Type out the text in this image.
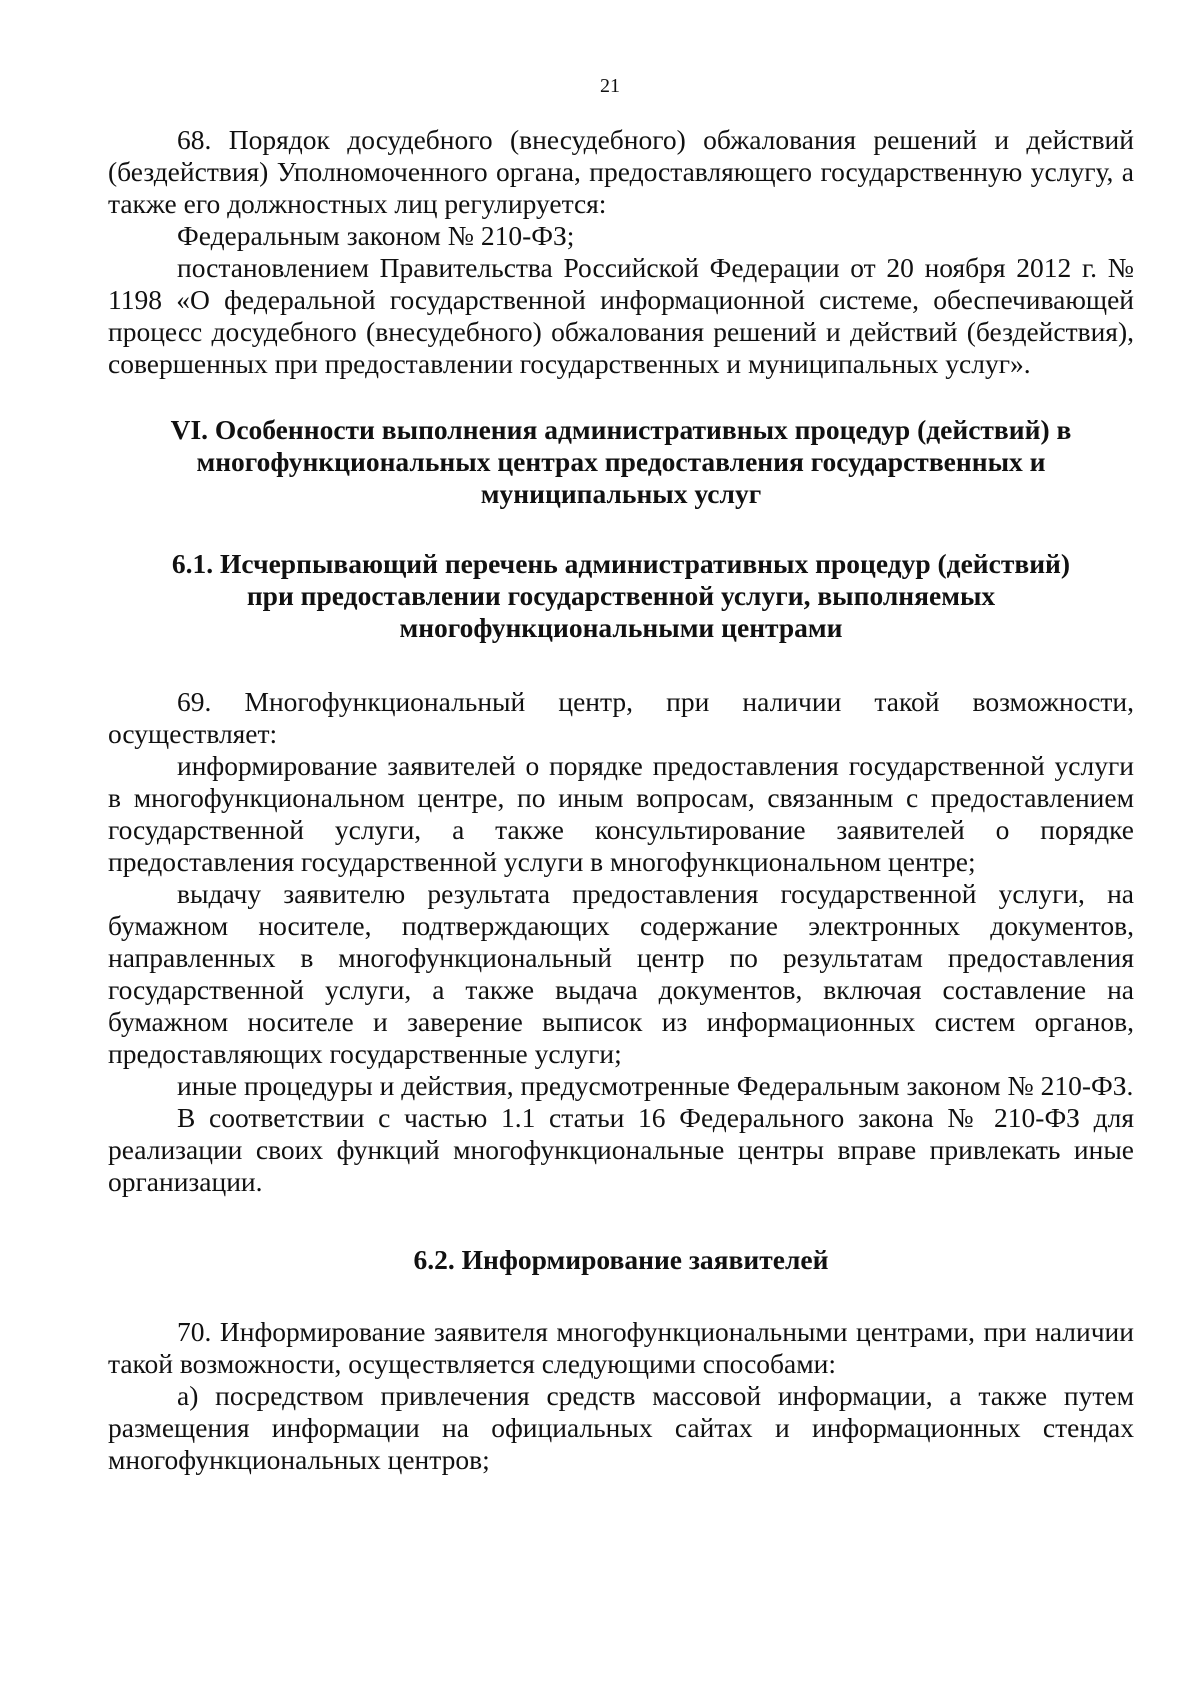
21

68. Порядок досудебного (внесудебного) обжалования решений и действий (бездействия) Уполномоченного органа, предоставляющего государственную услугу, а также его должностных лиц регулируется:

Федеральным законом № 210-ФЗ;

постановлением Правительства Российской Федерации от 20 ноября 2012 г. № 1198 «О федеральной государственной информационной системе, обеспечивающей процесс досудебного (внесудебного) обжалования решений и действий (бездействия), совершенных при предоставлении государственных и муниципальных услуг».

VI. Особенности выполнения административных процедур (действий) в многофункциональных центрах предоставления государственных и муниципальных услуг
6.1. Исчерпывающий перечень административных процедур (действий) при предоставлении государственной услуги, выполняемых многофункциональными центрами

69. Многофункциональный центр, при наличии такой возможности, осуществляет:

информирование заявителей о порядке предоставления государственной услуги в многофункциональном центре, по иным вопросам, связанным с предоставлением государственной услуги, а также консультирование заявителей о порядке предоставления государственной услуги в многофункциональном центре;

выдачу заявителю результата предоставления государственной услуги, на бумажном носителе, подтверждающих содержание электронных документов, направленных в многофункциональный центр по результатам предоставления государственной услуги, а также выдача документов, включая составление на бумажном носителе и заверение выписок из информационных систем органов, предоставляющих государственные услуги;

иные процедуры и действия, предусмотренные Федеральным законом № 210-ФЗ.

В соответствии с частью 1.1 статьи 16 Федерального закона № 210-ФЗ для реализации своих функций многофункциональные центры вправе привлекать иные организации.

6.2. Информирование заявителей

70. Информирование заявителя многофункциональными центрами, при наличии такой возможности, осуществляется следующими способами:

а) посредством привлечения средств массовой информации, а также путем размещения информации на официальных сайтах и информационных стендах многофункциональных центров;
